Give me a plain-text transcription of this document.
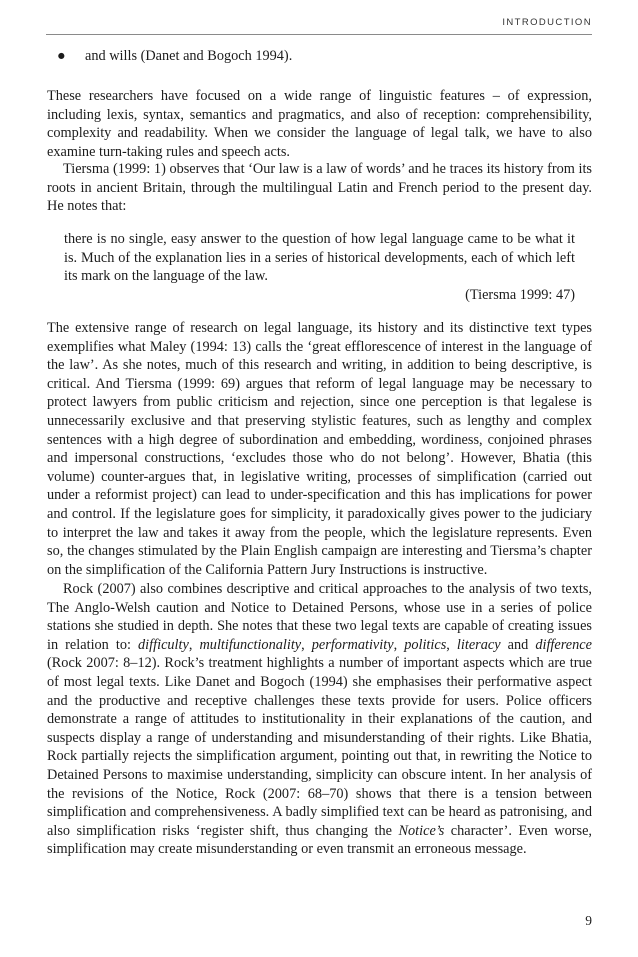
INTRODUCTION
● and wills (Danet and Bogoch 1994).

These researchers have focused on a wide range of linguistic features – of expression, including lexis, syntax, semantics and pragmatics, and also of reception: comprehensibility, complexity and readability. When we consider the language of legal talk, we have to also examine turn-taking rules and speech acts.

Tiersma (1999: 1) observes that ‘Our law is a law of words’ and he traces its history from its roots in ancient Britain, through the multilingual Latin and French period to the present day. He notes that:

there is no single, easy answer to the question of how legal language came to be what it is. Much of the explanation lies in a series of historical developments, each of which left its mark on the language of the law.
(Tiersma 1999: 47)

The extensive range of research on legal language, its history and its distinctive text types exemplifies what Maley (1994: 13) calls the ‘great efflorescence of interest in the language of the law’. As she notes, much of this research and writing, in addition to being descriptive, is critical. And Tiersma (1999: 69) argues that reform of legal language may be necessary to protect lawyers from public criticism and rejection, since one perception is that legalese is unnecessarily exclusive and that preserving stylistic features, such as lengthy and complex sentences with a high degree of subordination and embedding, wordiness, conjoined phrases and impersonal constructions, ‘excludes those who do not belong’. However, Bhatia (this volume) counter-argues that, in legislative writing, processes of simplification (carried out under a reformist project) can lead to under-specification and this has implications for power and control. If the legislature goes for simplicity, it paradoxically gives power to the judiciary to interpret the law and takes it away from the people, which the legislature represents. Even so, the changes stimulated by the Plain English campaign are interesting and Tiersma’s chapter on the simplification of the California Pattern Jury Instructions is instructive.

Rock (2007) also combines descriptive and critical approaches to the analysis of two texts, The Anglo-Welsh caution and Notice to Detained Persons, whose use in a series of police stations she studied in depth. She notes that these two legal texts are capable of creating issues in relation to: difficulty, multifunctionality, performativity, politics, literacy and difference (Rock 2007: 8–12). Rock’s treatment highlights a number of important aspects which are true of most legal texts. Like Danet and Bogoch (1994) she emphasises their performative aspect and the productive and receptive challenges these texts provide for users. Police officers demonstrate a range of attitudes to institutionality in their explanations of the caution, and suspects display a range of understanding and misunderstanding of their rights. Like Bhatia, Rock partially rejects the simplification argument, pointing out that, in rewriting the Notice to Detained Persons to maximise understanding, simplicity can obscure intent. In her analysis of the revisions of the Notice, Rock (2007: 68–70) shows that there is a tension between simplification and comprehensiveness. A badly simplified text can be heard as patronising, and also simplification risks ‘register shift, thus changing the Notice’s character’. Even worse, simplification may create misunderstanding or even transmit an erroneous message.

9
